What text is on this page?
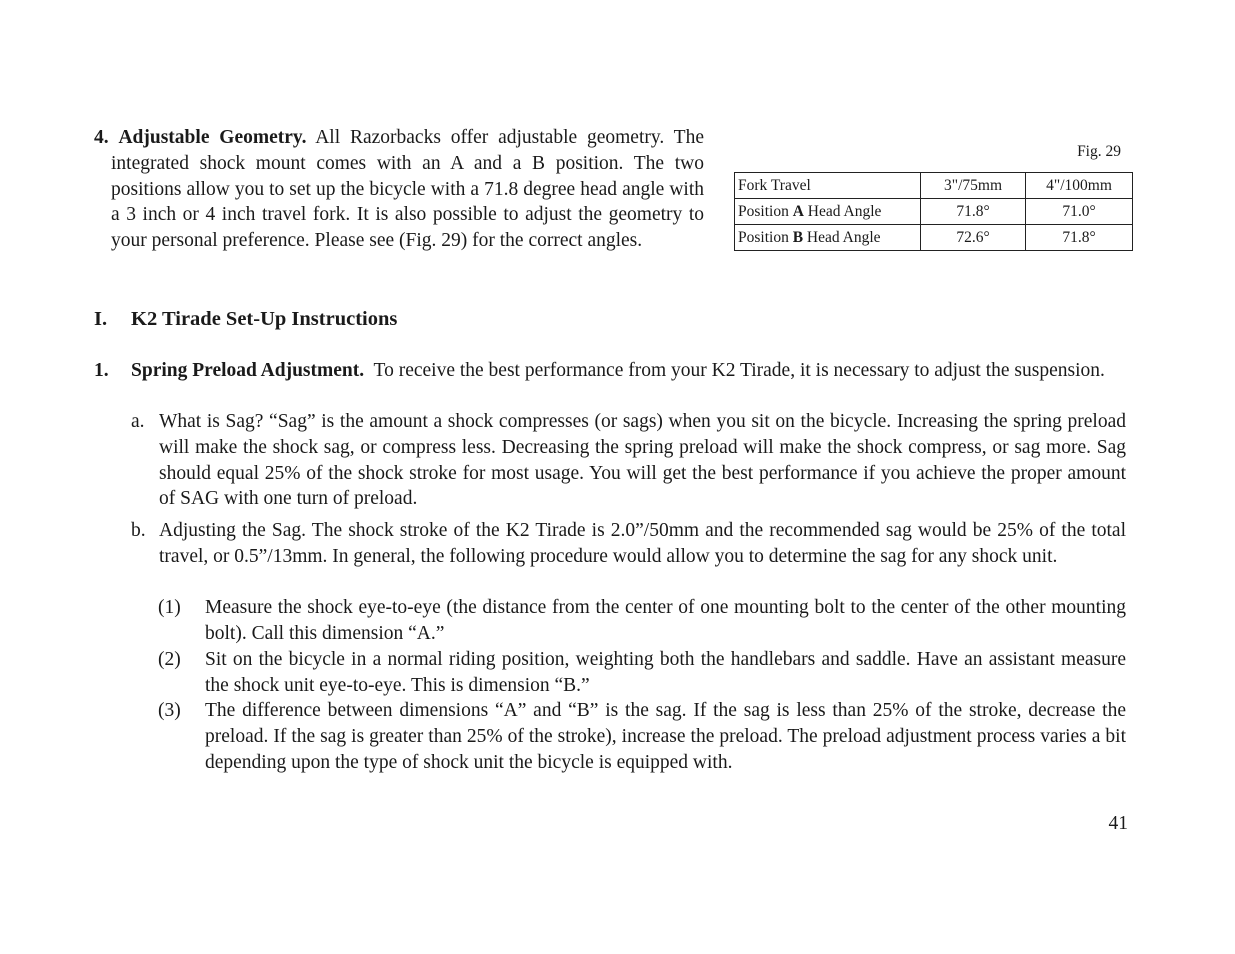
4. Adjustable Geometry. All Razorbacks offer adjustable geometry. The integrated shock mount comes with an A and a B position. The two positions allow you to set up the bicycle with a 71.8 degree head angle with a 3 inch or 4 inch travel fork. It is also possible to adjust the geometry to your personal preference. Please see (Fig. 29) for the correct angles.

Fig. 29
Fork Travel	3"/75mm	4"/100mm
Position A Head Angle	71.8°	71.0°
Position B Head Angle	72.6°	71.8°
I. K2 Tirade Set-Up Instructions
1.	Spring Preload Adjustment. To receive the best performance from your K2 Tirade, it is necessary to adjust the suspension.

a. What is Sag? “Sag” is the amount a shock compresses (or sags) when you sit on the bicycle. Increasing the spring preload will make the shock sag, or compress less. Decreasing the spring preload will make the shock compress, or sag more. Sag should equal 25% of the shock stroke for most usage. You will get the best performance if you achieve the proper amount of SAG with one turn of preload.

b. Adjusting the Sag. The shock stroke of the K2 Tirade is 2.0”/50mm and the recommended sag would be 25% of the total travel, or 0.5”/13mm. In general, the following procedure would allow you to determine the sag for any shock unit.

(1)	Measure the shock eye-to-eye (the distance from the center of one mounting bolt to the center of the other mounting bolt). Call this dimension “A.”

(2)	Sit on the bicycle in a normal riding position, weighting both the handlebars and saddle. Have an assistant measure the shock unit eye-to-eye. This is dimension “B.”

(3)	The difference between dimensions “A” and “B” is the sag. If the sag is less than 25% of the stroke, decrease the preload. If the sag is greater than 25% of the stroke), increase the preload. The preload adjustment process varies a bit depending upon the type of shock unit the bicycle is equipped with.

41
